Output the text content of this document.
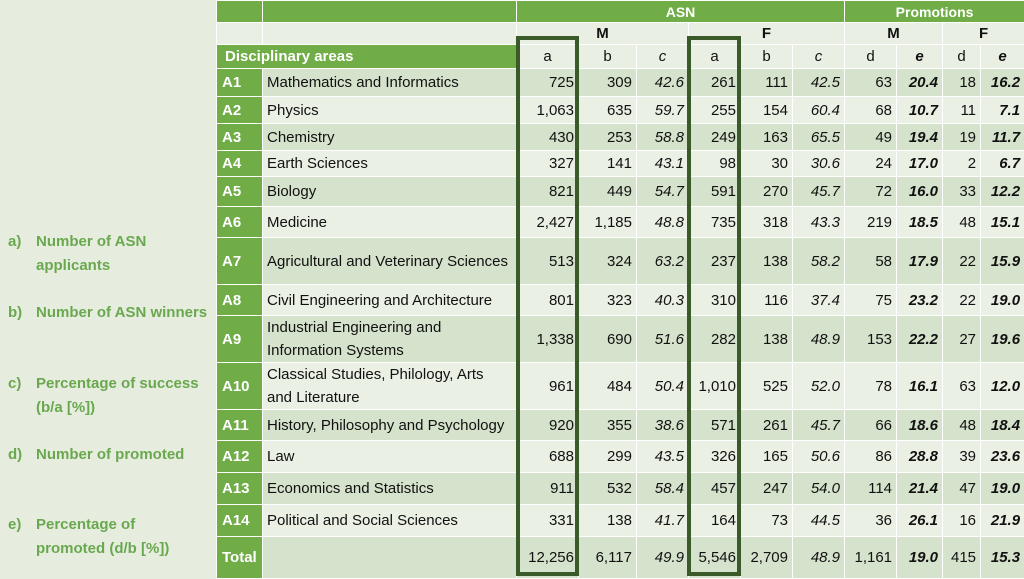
a) Number of ASN applicants
b) Number of ASN winners
c) Percentage of success (b/a [%])
d) Number of promoted
e) Percentage of promoted (d/b [%])
		ASN						Promotions			
		M			F			M		F	
Disciplinary areas		a	b	c	a	b	c	d	e	d	e
A1	Mathematics and Informatics	725	309	42.6	261	111	42.5	63	20.4	18	16.2
A2	Physics	1,063	635	59.7	255	154	60.4	68	10.7	11	7.1
A3	Chemistry	430	253	58.8	249	163	65.5	49	19.4	19	11.7
A4	Earth Sciences	327	141	43.1	98	30	30.6	24	17.0	2	6.7
A5	Biology	821	449	54.7	591	270	45.7	72	16.0	33	12.2
A6	Medicine	2,427	1,185	48.8	735	318	43.3	219	18.5	48	15.1
A7	Agricultural and Veterinary Sciences	513	324	63.2	237	138	58.2	58	17.9	22	15.9
A8	Civil Engineering and Architecture	801	323	40.3	310	116	37.4	75	23.2	22	19.0
A9	Industrial Engineering and Information Systems	1,338	690	51.6	282	138	48.9	153	22.2	27	19.6
A10	Classical Studies, Philology, Arts and Literature	961	484	50.4	1,010	525	52.0	78	16.1	63	12.0
A11	History, Philosophy and Psychology	920	355	38.6	571	261	45.7	66	18.6	48	18.4
A12	Law	688	299	43.5	326	165	50.6	86	28.8	39	23.6
A13	Economics and Statistics	911	532	58.4	457	247	54.0	114	21.4	47	19.0
A14	Political and Social Sciences	331	138	41.7	164	73	44.5	36	26.1	16	21.9
Total		12,256	6,117	49.9	5,546	2,709	48.9	1,161	19.0	415	15.3
